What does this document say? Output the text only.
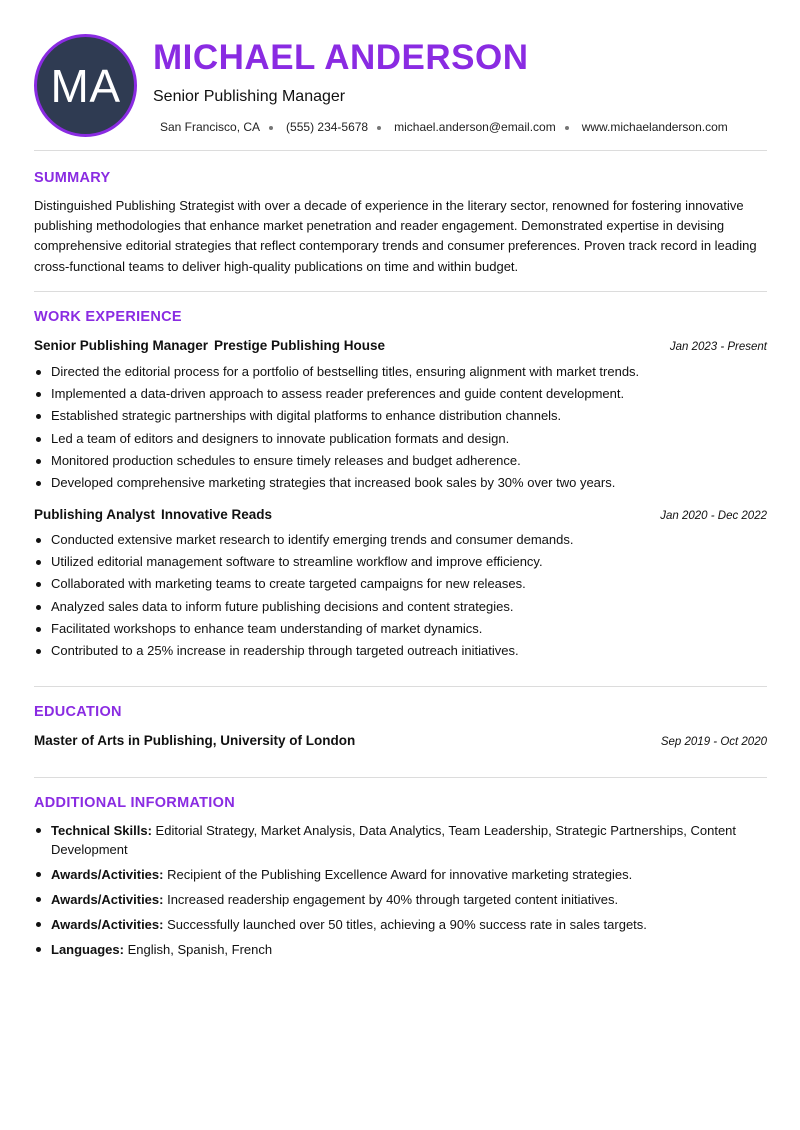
MA
MICHAEL ANDERSON
Senior Publishing Manager
San Francisco, CA (555) 234-5678 michael.anderson@email.com www.michaelanderson.com
SUMMARY
Distinguished Publishing Strategist with over a decade of experience in the literary sector, renowned for fostering innovative publishing methodologies that enhance market penetration and reader engagement. Demonstrated expertise in devising comprehensive editorial strategies that reflect contemporary trends and consumer preferences. Proven track record in leading cross-functional teams to deliver high-quality publications on time and within budget.
WORK EXPERIENCE
Senior Publishing Manager Prestige Publishing House	Jan 2023 - Present
Directed the editorial process for a portfolio of bestselling titles, ensuring alignment with market trends.
Implemented a data-driven approach to assess reader preferences and guide content development.
Established strategic partnerships with digital platforms to enhance distribution channels.
Led a team of editors and designers to innovate publication formats and design.
Monitored production schedules to ensure timely releases and budget adherence.
Developed comprehensive marketing strategies that increased book sales by 30% over two years.
Publishing Analyst Innovative Reads	Jan 2020 - Dec 2022
Conducted extensive market research to identify emerging trends and consumer demands.
Utilized editorial management software to streamline workflow and improve efficiency.
Collaborated with marketing teams to create targeted campaigns for new releases.
Analyzed sales data to inform future publishing decisions and content strategies.
Facilitated workshops to enhance team understanding of market dynamics.
Contributed to a 25% increase in readership through targeted outreach initiatives.
EDUCATION
Master of Arts in Publishing, University of London	Sep 2019 - Oct 2020
ADDITIONAL INFORMATION
Technical Skills: Editorial Strategy, Market Analysis, Data Analytics, Team Leadership, Strategic Partnerships, Content Development
Awards/Activities: Recipient of the Publishing Excellence Award for innovative marketing strategies.
Awards/Activities: Increased readership engagement by 40% through targeted content initiatives.
Awards/Activities: Successfully launched over 50 titles, achieving a 90% success rate in sales targets.
Languages: English, Spanish, French
